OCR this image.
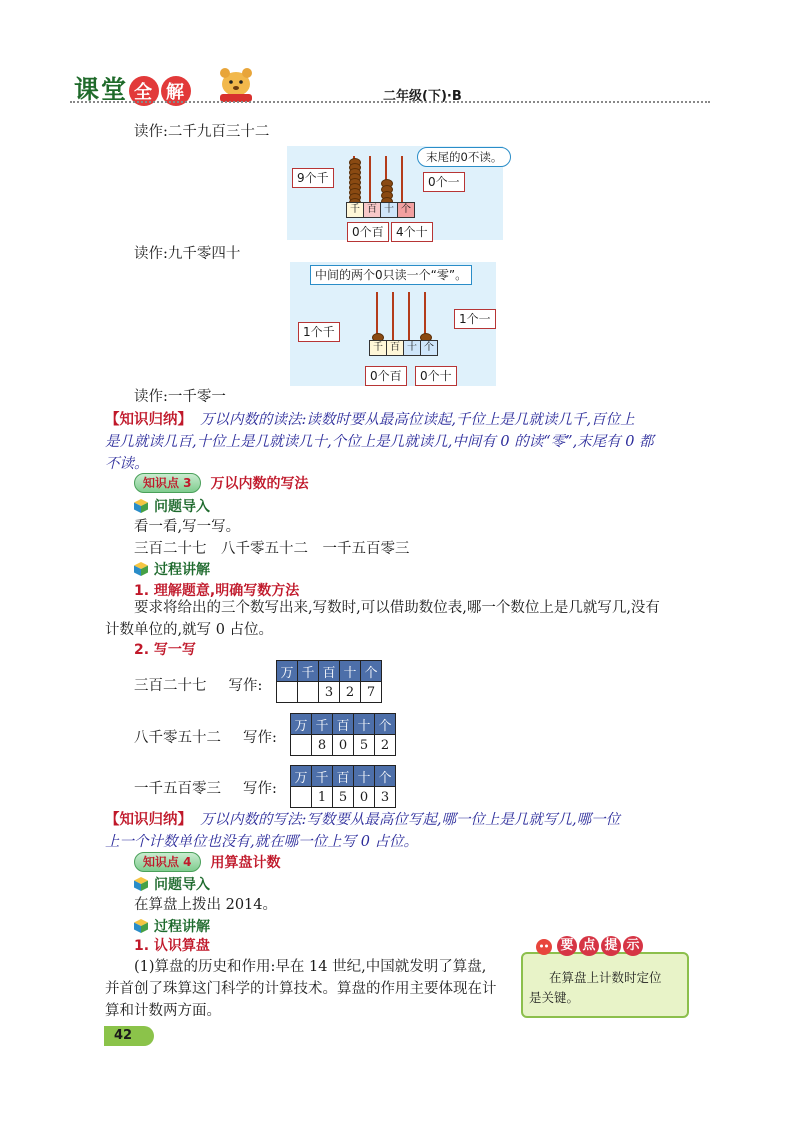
课堂 全 解	二年级(下)·B
读作:二千九百三十二
9个千
末尾的0不读。
0个一
千 百 十 个
0个百	4个十
读作:九千零四十
中间的两个0只读一个“零”。
1个千
1个一
千 百 十 个
0个百	0个十
读作:一千零一
【知识归纳】 万以内数的读法:读数时要从最高位读起,千位上是几就读几千,百位上
是几就读几百,十位上是几就读几十,个位上是几就读几,中间有 0 的读“零”,末尾有 0 都
不读。
知识点 3	万以内数的写法
问题导入
看一看,写一写。
三百二十七　八千零五十二　一千五百零三
过程讲解
1. 理解题意,明确写数方法
要求将给出的三个数写出来,写数时,可以借助数位表,哪一个数位上是几就写几,没有
计数单位的,就写 0 占位。
2. 写一写
三百二十七 写作:
万	千	百	十	个
		3	2	7
八千零五十二 写作:
万	千	百	十	个
	8	0	5	2
一千五百零三 写作:
万	千	百	十	个
	1	5	0	3
【知识归纳】 万以内数的写法:写数要从最高位写起,哪一位上是几就写几,哪一位
上一个计数单位也没有,就在哪一位上写 0 占位。
知识点 4	用算盘计数
问题导入
在算盘上拨出 2014。
过程讲解
1. 认识算盘
(1)算盘的历史和作用:早在 14 世纪,中国就发明了算盘,
并首创了珠算这门科学的计算技术。算盘的作用主要体现在计
算和计数两方面。
在算盘上计数时定位
是关键。
要 点 提 示
42
